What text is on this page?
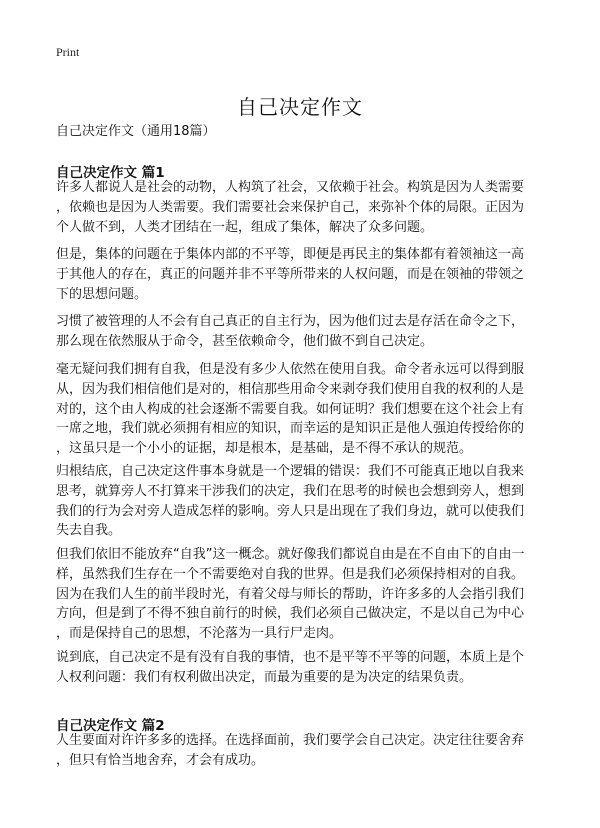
Print
自己决定作文
自己决定作文（通用18篇）
自己决定作文 篇1

许多人都说人是社会的动物，人构筑了社会，又依赖于社会。构筑是因为人类需要
，依赖也是因为人类需要。我们需要社会来保护自己，来弥补个体的局限。正因为
个人做不到，人类才团结在一起，组成了集体，解决了众多问题。

但是，集体的问题在于集体内部的不平等，即便是再民主的集体都有着领袖这一高
于其他人的存在，真正的问题并非不平等所带来的人权问题，而是在领袖的带领之
下的思想问题。

习惯了被管理的人不会有自己真正的自主行为，因为他们过去是存活在命令之下，
那么现在依然服从于命令，甚至依赖命令，他们做不到自己决定。

毫无疑问我们拥有自我，但是没有多少人依然在使用自我。命令者永远可以得到服
从，因为我们相信他们是对的，相信那些用命令来剥夺我们使用自我的权利的人是
对的，这个由人构成的社会逐渐不需要自我。如何证明？我们想要在这个社会上有
一席之地，我们就必须拥有相应的知识，而幸运的是知识正是他人强迫传授给你的
，这虽只是一个小小的证据，却是根本，是基础，是不得不承认的规范。

归根结底，自己决定这件事本身就是一个逻辑的错误：我们不可能真正地以自我来
思考，就算旁人不打算来干涉我们的决定，我们在思考的时候也会想到旁人，想到
我们的行为会对旁人造成怎样的影响。旁人只是出现在了我们身边，就可以使我们
失去自我。

但我们依旧不能放弃“自我”这一概念。就好像我们都说自由是在不自由下的自由一
样，虽然我们生存在一个不需要绝对自我的世界。但是我们必须保持相对的自我。
因为在我们人生的前半段时光，有着父母与师长的帮助，许许多多的人会指引我们
方向，但是到了不得不独自前行的时候，我们必须自己做决定，不是以自己为中心
，而是保持自己的思想，不沦落为一具行尸走肉。

说到底，自己决定不是有没有自我的事情，也不是平等不平等的问题，本质上是个
人权利问题：我们有权利做出决定，而最为重要的是为决定的结果负责。

自己决定作文 篇2

人生要面对许许多多的选择。在选择面前，我们要学会自己决定。决定往往要舍弃
，但只有恰当地舍弃，才会有成功。
